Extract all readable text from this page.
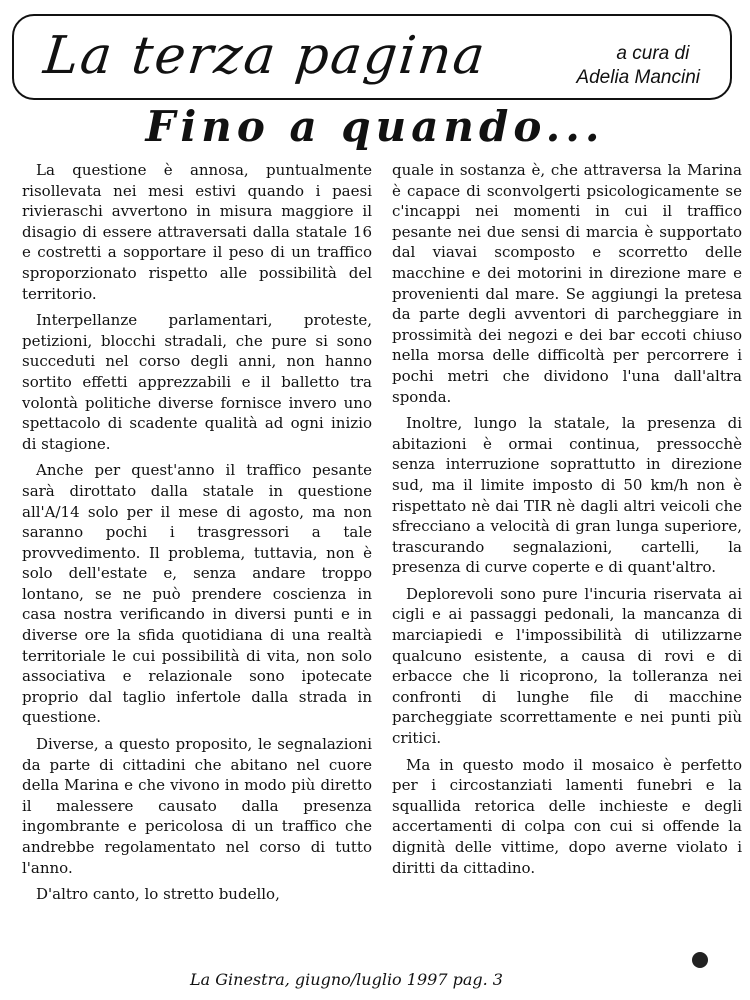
La terza pagina	a cura di
Adelia Mancini
Fino a quando...

La questione è annosa, puntualmente risollevata nei mesi estivi quando i paesi rivieraschi avvertono in misura maggiore il disagio di essere attraversati dalla statale 16 e costretti a sopportare il peso di un traffico sproporzionato rispetto alle possibilità del territorio.

Interpellanze parlamentari, proteste, petizioni, blocchi stradali, che pure si sono succeduti nel corso degli anni, non hanno sortito effetti apprezzabili e il balletto tra volontà politiche diverse fornisce invero uno spettacolo di scadente qualità ad ogni inizio di stagione.

Anche per quest'anno il traffico pesante sarà dirottato dalla statale in questione all'A/14 solo per il mese di agosto, ma non saranno pochi i trasgressori a tale provvedimento. Il problema, tuttavia, non è solo dell'estate e, senza andare troppo lontano, se ne può prendere coscienza in casa nostra verificando in diversi punti e in diverse ore la sfida quotidiana di una realtà territoriale le cui possibilità di vita, non solo associativa e relazionale sono ipotecate proprio dal taglio infertole dalla strada in questione.

Diverse, a questo proposito, le segnalazioni da parte di cittadini che abitano nel cuore della Marina e che vivono in modo più diretto il malessere causato dalla presenza ingombrante e pericolosa di un traffico che andrebbe regolamentato nel corso di tutto l'anno.

D'altro canto, lo stretto budello,

quale in sostanza è, che attraversa la Marina è capace di sconvolgerti psicologicamente se c'incappi nei momenti in cui il traffico pesante nei due sensi di marcia è supportato dal viavai scomposto e scorretto delle macchine e dei motorini in direzione mare e provenienti dal mare. Se aggiungi la pretesa da parte degli avventori di parcheggiare in prossimità dei negozi e dei bar eccoti chiuso nella morsa delle difficoltà per percorrere i pochi metri che dividono l'una dall'altra sponda.

Inoltre, lungo la statale, la presenza di abitazioni è ormai continua, pressocchè senza interruzione soprattutto in direzione sud, ma il limite imposto di 50 km/h non è rispettato nè dai TIR nè dagli altri veicoli che sfrecciano a velocità di gran lunga superiore, trascurando segnalazioni, cartelli, la presenza di curve coperte e di quant'altro.

Deplorevoli sono pure l'incuria riservata ai cigli e ai passaggi pedonali, la mancanza di marciapiedi e l'impossibilità di utilizzarne qualcuno esistente, a causa di rovi e di erbacce che li ricoprono, la tolleranza nei confronti di lunghe file di macchine parcheggiate scorrettamente e nei punti più critici.

Ma in questo modo il mosaico è perfetto per i circostanziati lamenti funebri e la squallida retorica delle inchieste e degli accertamenti di colpa con cui si offende la dignità delle vittime, dopo averne violato i diritti da cittadino.

La Ginestra, giugno/luglio 1997 pag. 3
